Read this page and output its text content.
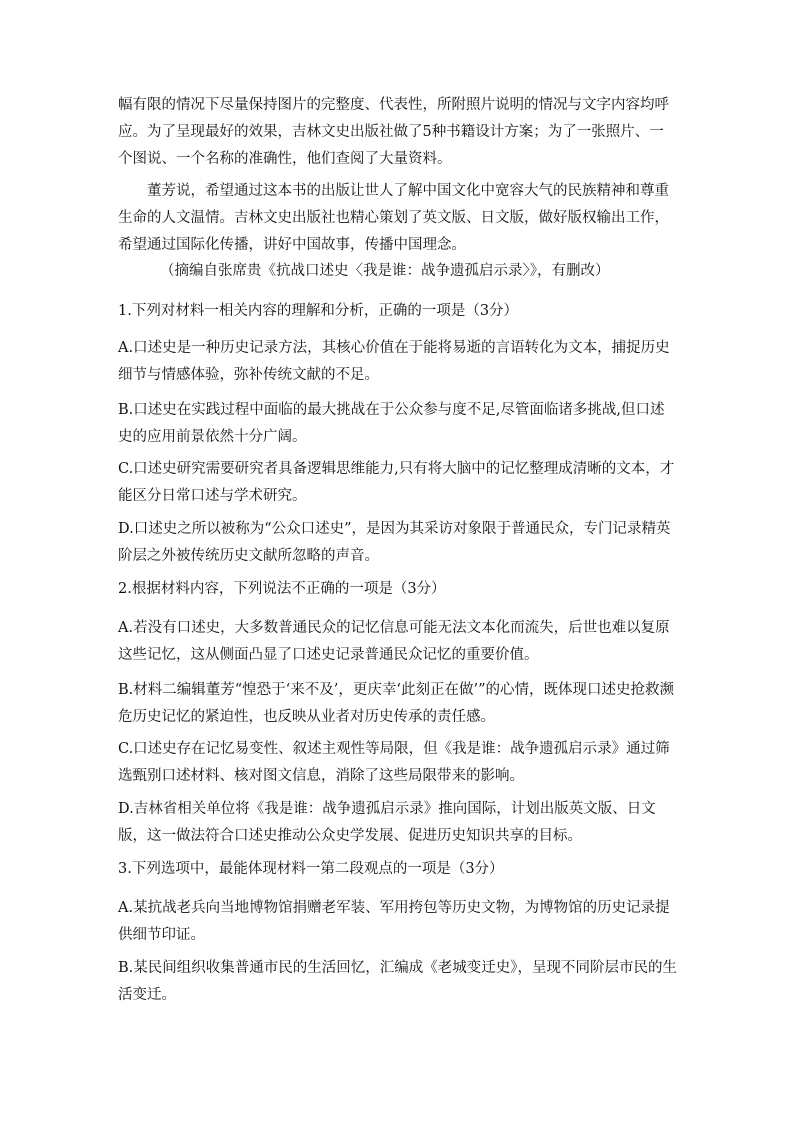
幅有限的情况下尽量保持图片的完整度、代表性，所附照片说明的情况与文字内容均呼应。为了呈现最好的效果，吉林文史出版社做了5种书籍设计方案；为了一张照片、一个图说、一个名称的准确性，他们查阅了大量资料。

董芳说，希望通过这本书的出版让世人了解中国文化中宽容大气的民族精神和尊重生命的人文温情。吉林文史出版社也精心策划了英文版、日文版，做好版权输出工作，希望通过国际化传播，讲好中国故事，传播中国理念。

（摘编自张席贵《抗战口述史〈我是谁：战争遗孤启示录〉》，有删改）

1.下列对材料一相关内容的理解和分析，正确的一项是（3分）

A.口述史是一种历史记录方法，其核心价值在于能将易逝的言语转化为文本，捕捉历史细节与情感体验，弥补传统文献的不足。

B.口述史在实践过程中面临的最大挑战在于公众参与度不足,尽管面临诸多挑战,但口述史的应用前景依然十分广阔。

C.口述史研究需要研究者具备逻辑思维能力,只有将大脑中的记忆整理成清晰的文本，才能区分日常口述与学术研究。

D.口述史之所以被称为“公众口述史”，是因为其采访对象限于普通民众，专门记录精英阶层之外被传统历史文献所忽略的声音。

2.根据材料内容，下列说法不正确的一项是（3分）

A.若没有口述史，大多数普通民众的记忆信息可能无法文本化而流失，后世也难以复原这些记忆，这从侧面凸显了口述史记录普通民众记忆的重要价值。

B.材料二编辑董芳“惶恐于‘来不及’，更庆幸‘此刻正在做’”的心情，既体现口述史抢救濒危历史记忆的紧迫性，也反映从业者对历史传承的责任感。

C.口述史存在记忆易变性、叙述主观性等局限，但《我是谁：战争遗孤启示录》通过筛选甄别口述材料、核对图文信息，消除了这些局限带来的影响。

D.吉林省相关单位将《我是谁：战争遗孤启示录》推向国际，计划出版英文版、日文版，这一做法符合口述史推动公众史学发展、促进历史知识共享的目标。

3.下列选项中，最能体现材料一第二段观点的一项是（3分）

A.某抗战老兵向当地博物馆捐赠老军装、军用挎包等历史文物，为博物馆的历史记录提供细节印证。

B.某民间组织收集普通市民的生活回忆，汇编成《老城变迁史》，呈现不同阶层市民的生活变迁。
